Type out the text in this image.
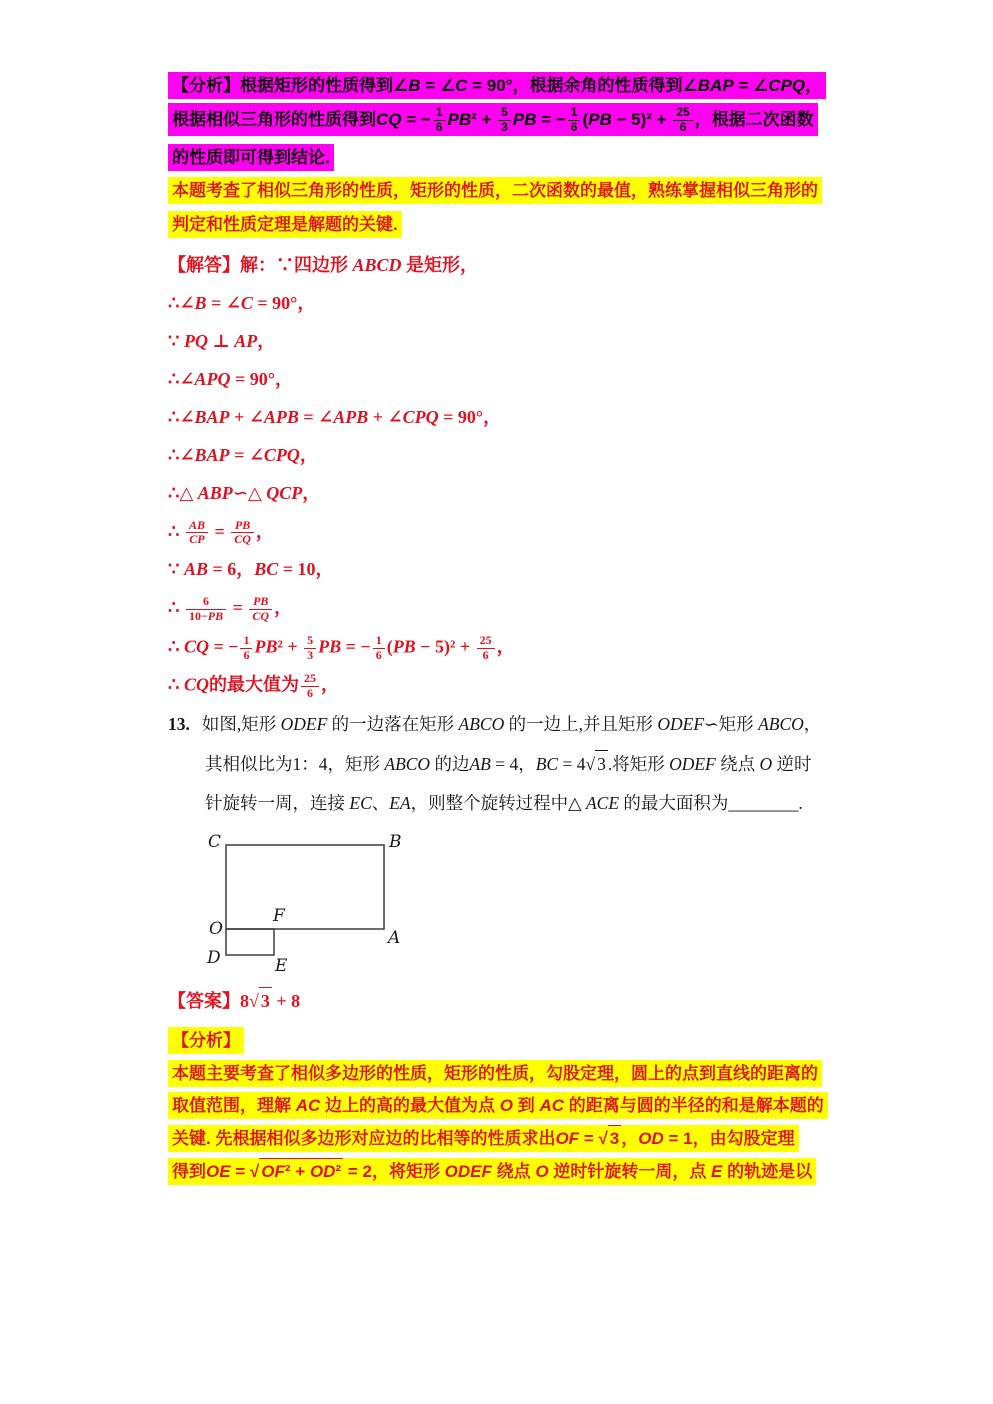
【分析】根据矩形的性质得到∠B = ∠C = 90°，根据余角的性质得到∠BAP = ∠CPQ，
根据相似三角形的性质得到CQ = − $\frac{1}{6} PB^2 + \frac{5}{3}$ PB = − $\frac{1}{6} (PB - 5)^2 + \frac{25}{6}$ ，根据二次函数
的性质即可得到结论.
本题考查了相似三角形的性质，矩形的性质，二次函数的最值，熟练掌握相似三角形的
判定和性质定理是解题的关键.
【解答】解：∵四边形 ABCD 是矩形，
∴∠B = ∠C = 90°，
∵ PQ ⊥ AP，
∴∠APQ = 90°，
∴∠BAP + ∠APB = ∠APB + ∠CPQ = 90°，
∴∠BAP = ∠CPQ，
∴△ ABP∽△ QCP，
∴ $\frac{AB}{CP} = \frac{PB}{CQ}$ ，
∵ AB = 6，BC = 10，
∴ $\frac{6}{10-PB} = \frac{PB}{CQ}$ ，
∴ CQ = − $\frac{1}{6} PB^2 + \frac{5}{3}$ PB = − $\frac{1}{6} (PB - 5)^2 + \frac{25}{6}$ ，
∴ CQ的最大值为 $\frac{25}{6}$ ，
13. 如图,矩形 ODEF 的一边落在矩形 ABCO 的一边上,并且矩形 ODEF∽矩形 ABCO，
其相似比为1：4，矩形 ABCO 的边AB = 4，BC = 4√ 3 .将矩形 ODEF 绕点 O 逆时
针旋转一周，连接 EC、EA，则整个旋转过程中△ ACE 的最大面积为________.
C	B
O
F
A
D	E
【答案】8√ 3 + 8
【分析】
本题主要考查了相似多边形的性质，矩形的性质，勾股定理，圆上的点到直线的距离的
取值范围，理解 AC 边上的高的最大值为点 O 到 AC 的距离与圆的半径的和是解本题的
关键. 先根据相似多边形对应边的比相等的性质求出OF = √ 3 ，OD = 1，由勾股定理
得到OE = √ OF² + OD² = 2，将矩形 ODEF 绕点 O 逆时针旋转一周，点 E 的轨迹是以
